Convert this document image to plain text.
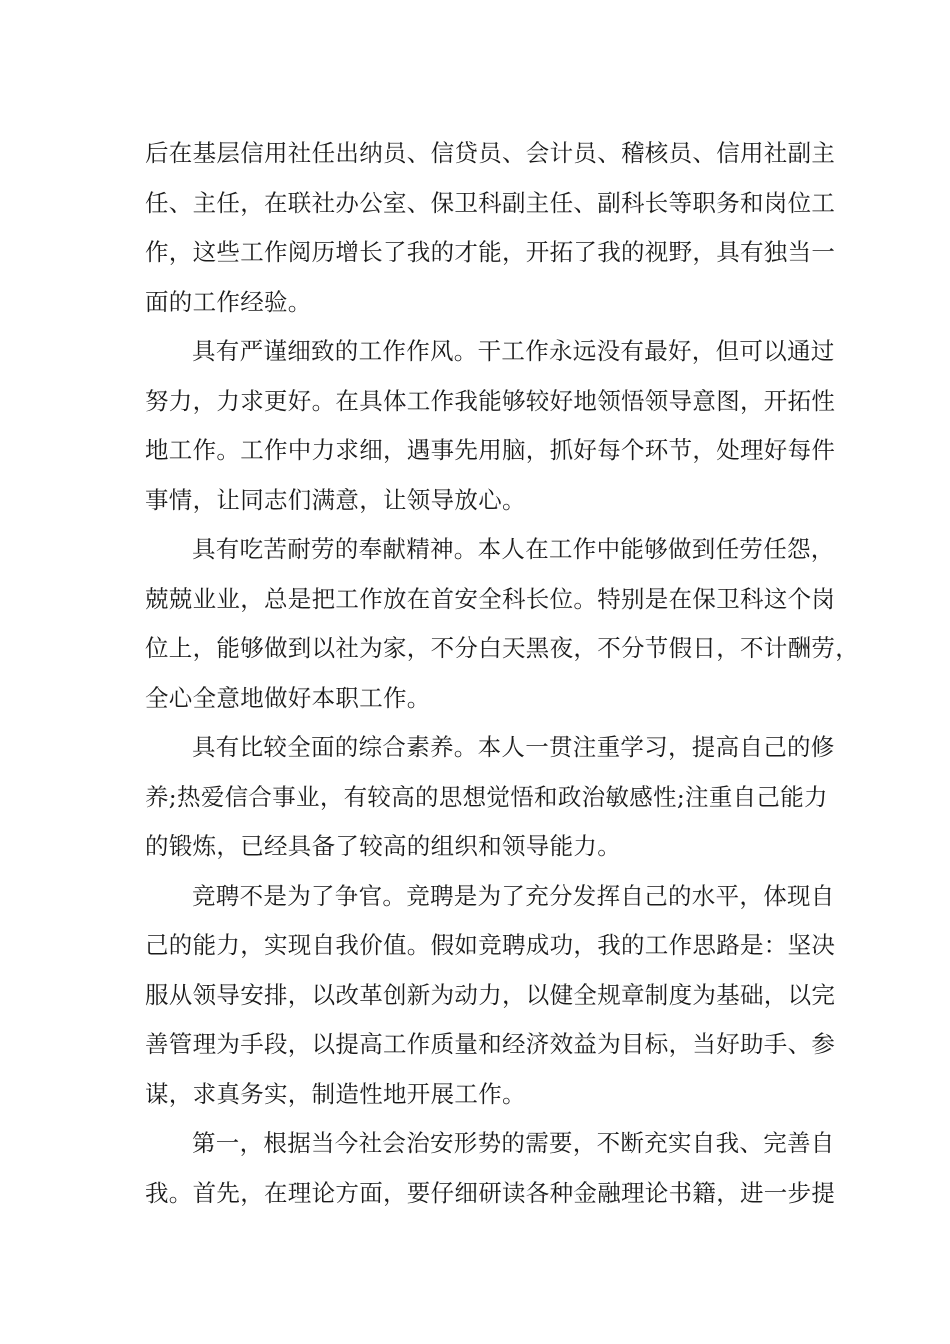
后在基层信用社任出纳员、信贷员、会计员、稽核员、信用社副主
任、主任，在联社办公室、保卫科副主任、副科长等职务和岗位工
作，这些工作阅历增长了我的才能，开拓了我的视野，具有独当一
面的工作经验。
具有严谨细致的工作作风。干工作永远没有最好，但可以通过
努力，力求更好。在具体工作我能够较好地领悟领导意图，开拓性
地工作。工作中力求细，遇事先用脑，抓好每个环节，处理好每件
事情，让同志们满意，让领导放心。
具有吃苦耐劳的奉献精神。本人在工作中能够做到任劳任怨，
兢兢业业，总是把工作放在首安全科长位。特别是在保卫科这个岗
位上，能够做到以社为家，不分白天黑夜，不分节假日，不计酬劳，
全心全意地做好本职工作。
具有比较全面的综合素养。本人一贯注重学习，提高自己的修
养;热爱信合事业，有较高的思想觉悟和政治敏感性;注重自己能力
的锻炼，已经具备了较高的组织和领导能力。
竞聘不是为了争官。竞聘是为了充分发挥自己的水平，体现自
己的能力，实现自我价值。假如竞聘成功，我的工作思路是：坚决
服从领导安排，以改革创新为动力，以健全规章制度为基础，以完
善管理为手段，以提高工作质量和经济效益为目标，当好助手、参
谋，求真务实，制造性地开展工作。
第一，根据当今社会治安形势的需要，不断充实自我、完善自
我。首先，在理论方面，要仔细研读各种金融理论书籍，进一步提
